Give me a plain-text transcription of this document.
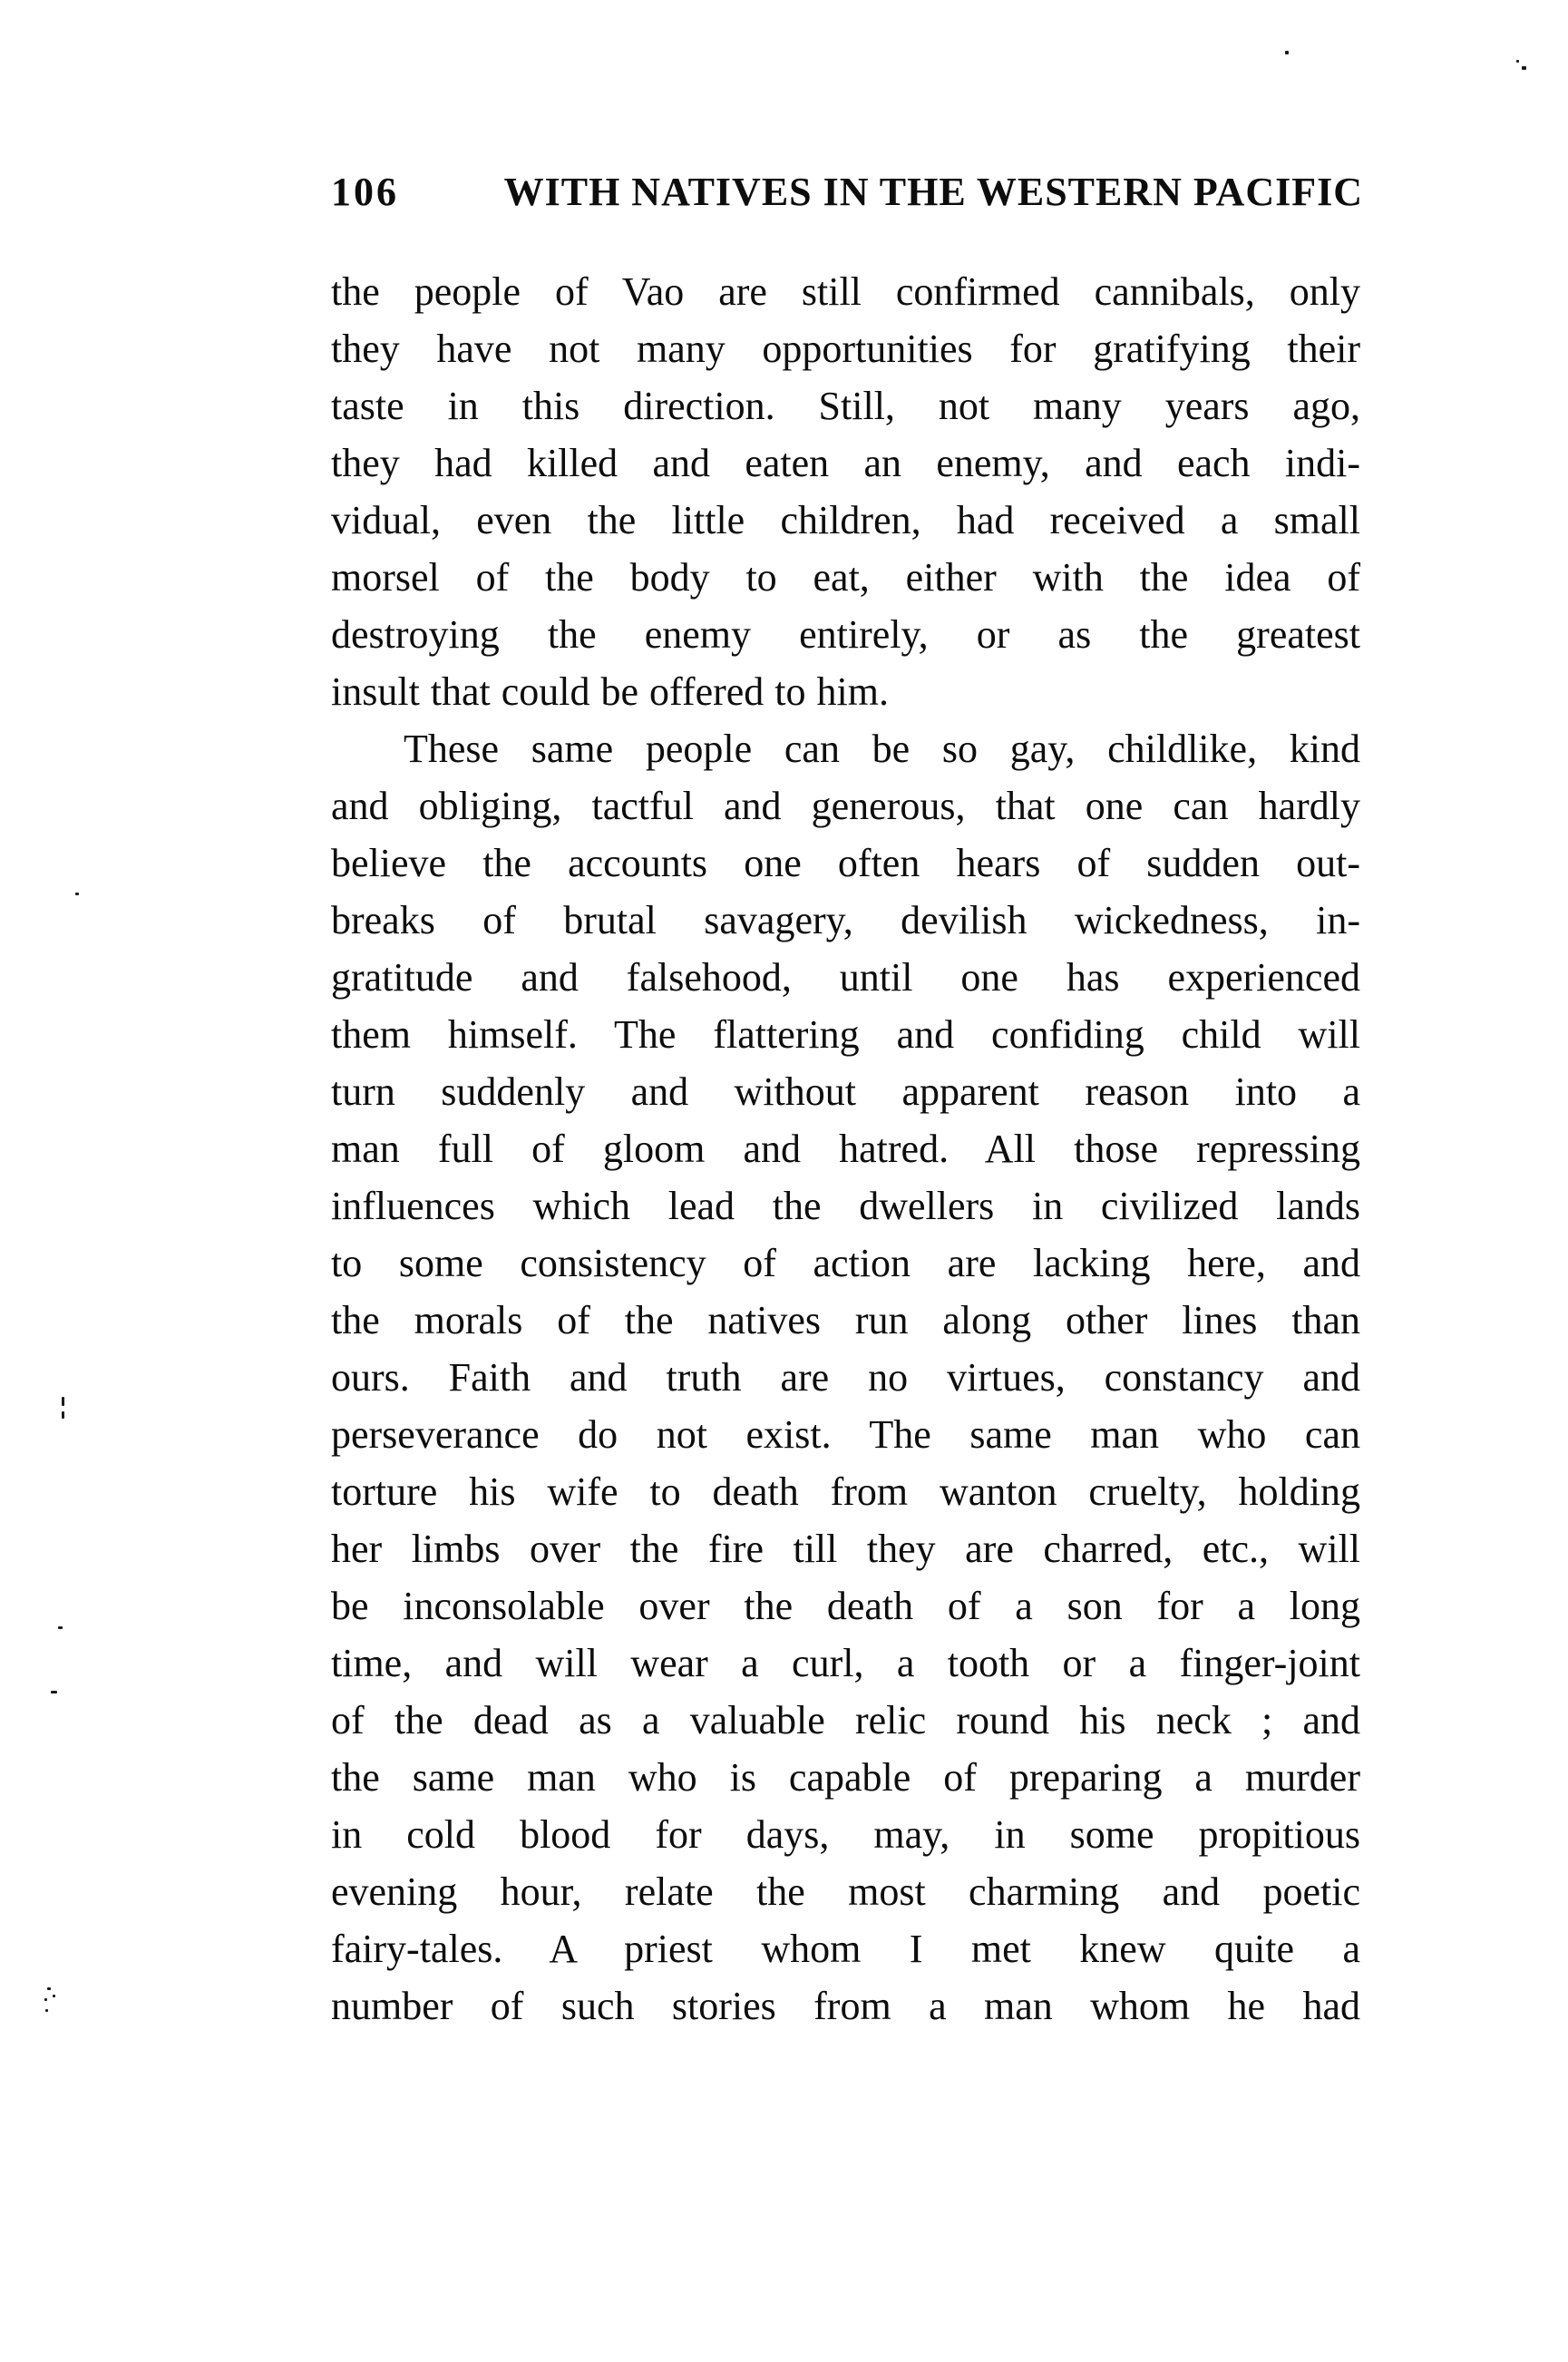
106	WITH NATIVES IN THE WESTERN PACIFIC
the people of Vao are still confirmed cannibals, only
they have not many opportunities for gratifying their
taste in this direction. Still, not many years ago,
they had killed and eaten an enemy, and each indi-
vidual, even the little children, had received a small
morsel of the body to eat, either with the idea of
destroying the enemy entirely, or as the greatest
insult that could be offered to him.
These same people can be so gay, childlike, kind
and obliging, tactful and generous, that one can hardly
believe the accounts one often hears of sudden out-
breaks of brutal savagery, devilish wickedness, in-
gratitude and falsehood, until one has experienced
them himself. The flattering and confiding child will
turn suddenly and without apparent reason into a
man full of gloom and hatred. All those repressing
influences which lead the dwellers in civilized lands
to some consistency of action are lacking here, and
the morals of the natives run along other lines than
ours. Faith and truth are no virtues, constancy and
perseverance do not exist. The same man who can
torture his wife to death from wanton cruelty, holding
her limbs over the fire till they are charred, etc., will
be inconsolable over the death of a son for a long
time, and will wear a curl, a tooth or a finger-joint
of the dead as a valuable relic round his neck ; and
the same man who is capable of preparing a murder
in cold blood for days, may, in some propitious
evening hour, relate the most charming and poetic
fairy-tales. A priest whom I met knew quite a
number of such stories from a man whom he had
